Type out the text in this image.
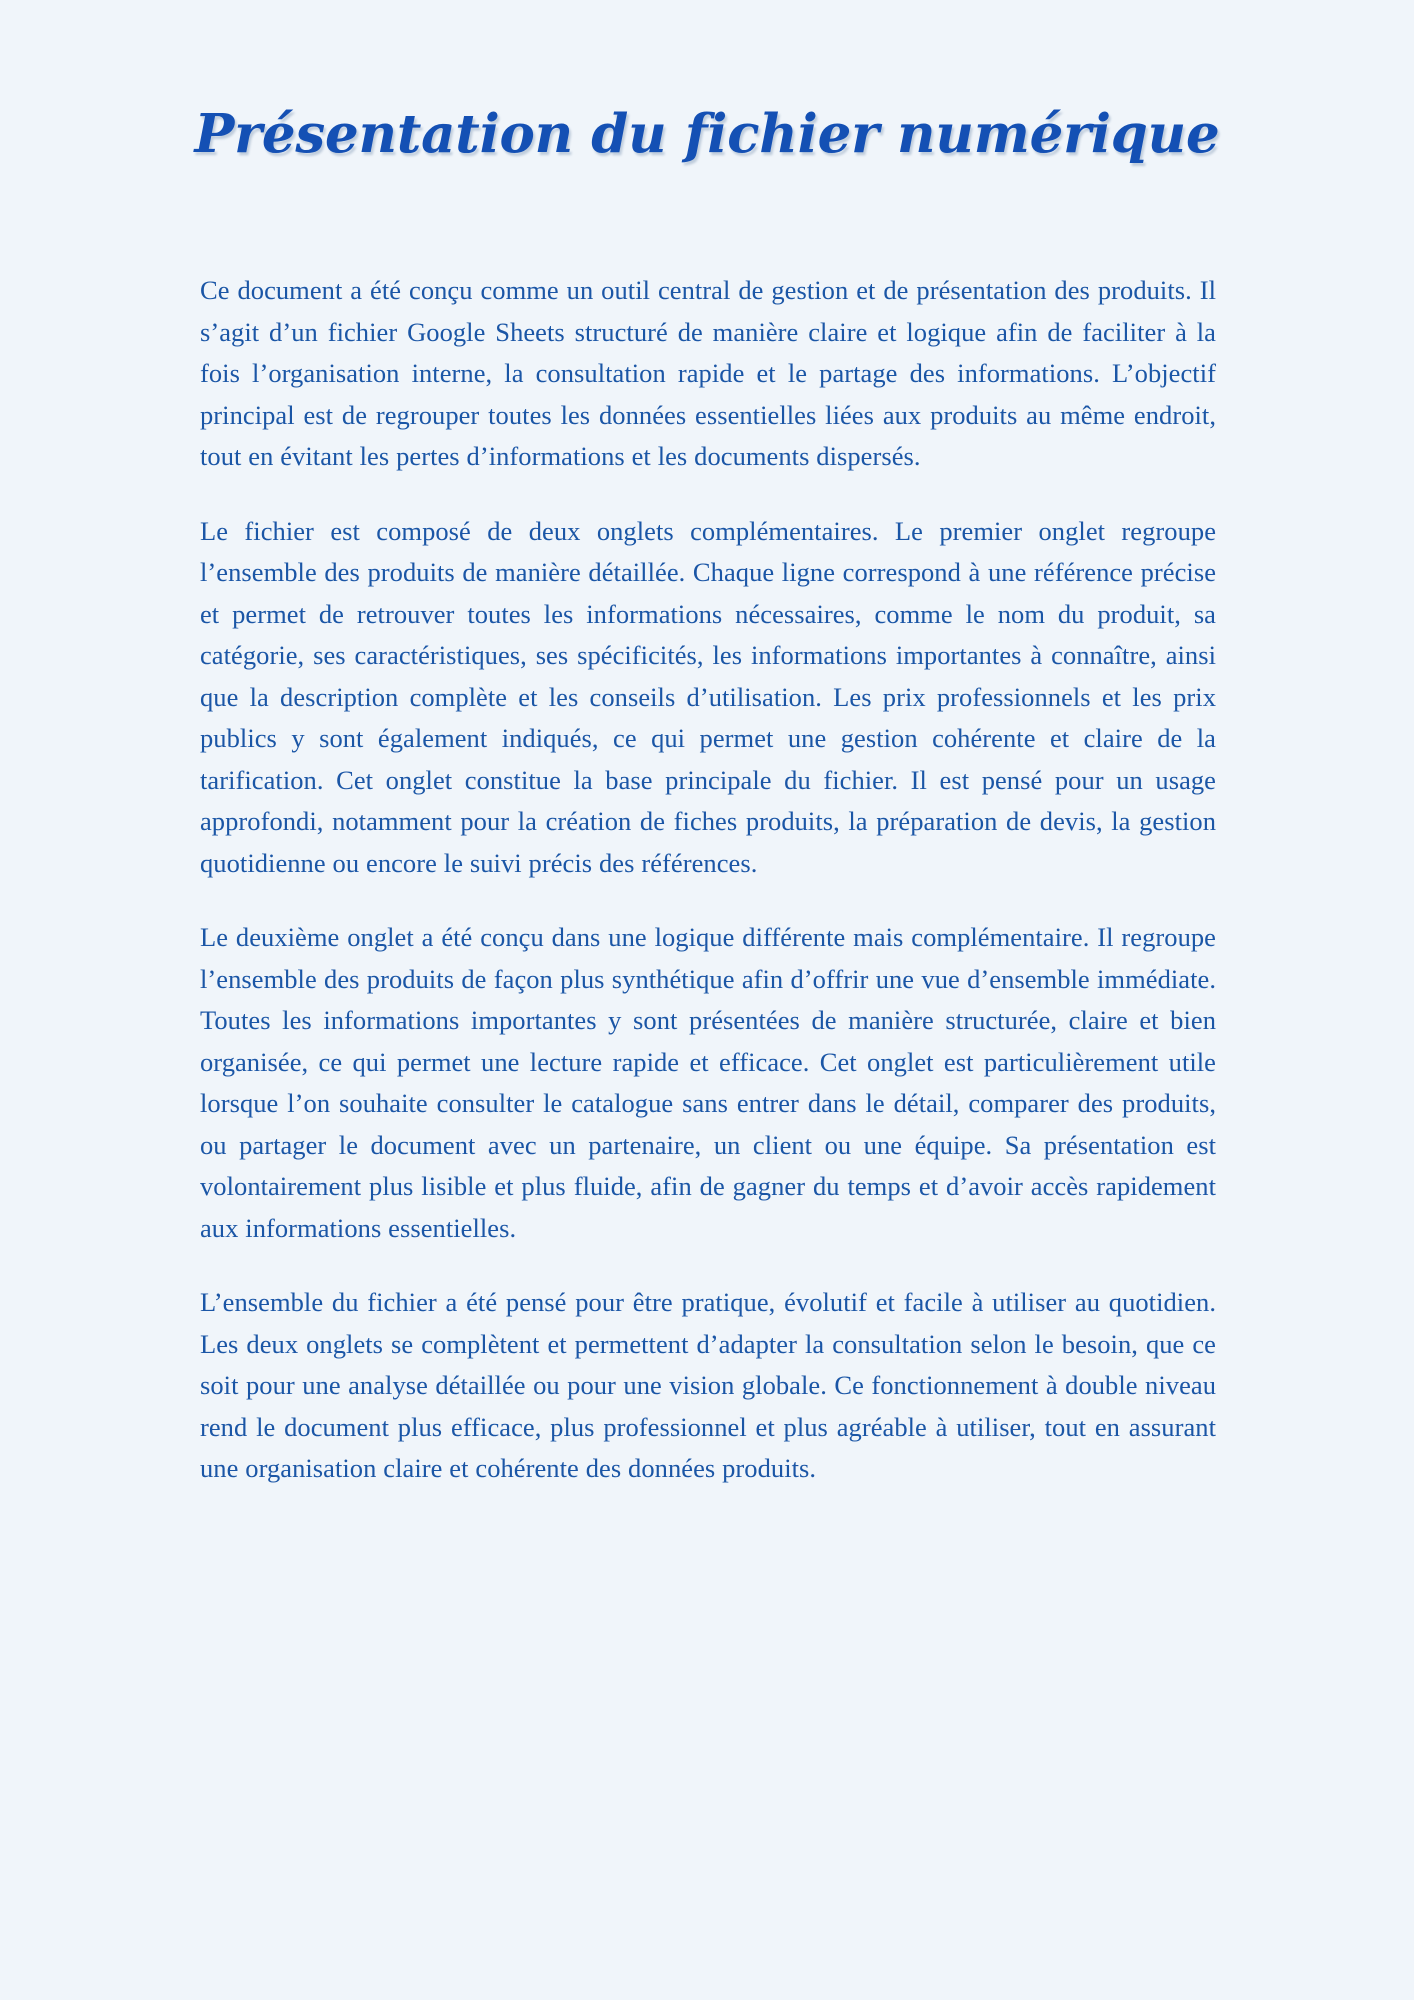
Présentation du fichier numérique

Ce document a été conçu comme un outil central de gestion et de présentation des produits. Il s’agit d’un fichier Google Sheets structuré de manière claire et logique afin de faciliter à la fois l’organisation interne, la consultation rapide et le partage des informations. L’objectif principal est de regrouper toutes les données essentielles liées aux produits au même endroit, tout en évitant les pertes d’informations et les documents dispersés.

Le fichier est composé de deux onglets complémentaires. Le premier onglet regroupe l’ensemble des produits de manière détaillée. Chaque ligne correspond à une référence précise et permet de retrouver toutes les informations nécessaires, comme le nom du produit, sa catégorie, ses caractéristiques, ses spécificités, les informations importantes à connaître, ainsi que la description complète et les conseils d’utilisation. Les prix professionnels et les prix publics y sont également indiqués, ce qui permet une gestion cohérente et claire de la tarification. Cet onglet constitue la base principale du fichier. Il est pensé pour un usage approfondi, notamment pour la création de fiches produits, la préparation de devis, la gestion quotidienne ou encore le suivi précis des références.

Le deuxième onglet a été conçu dans une logique différente mais complémentaire. Il regroupe l’ensemble des produits de façon plus synthétique afin d’offrir une vue d’ensemble immédiate. Toutes les informations importantes y sont présentées de manière structurée, claire et bien organisée, ce qui permet une lecture rapide et efficace. Cet onglet est particulièrement utile lorsque l’on souhaite consulter le catalogue sans entrer dans le détail, comparer des produits, ou partager le document avec un partenaire, un client ou une équipe. Sa présentation est volontairement plus lisible et plus fluide, afin de gagner du temps et d’avoir accès rapidement aux informations essentielles.

L’ensemble du fichier a été pensé pour être pratique, évolutif et facile à utiliser au quotidien. Les deux onglets se complètent et permettent d’adapter la consultation selon le besoin, que ce soit pour une analyse détaillée ou pour une vision globale. Ce fonctionnement à double niveau rend le document plus efficace, plus professionnel et plus agréable à utiliser, tout en assurant une organisation claire et cohérente des données produits.
